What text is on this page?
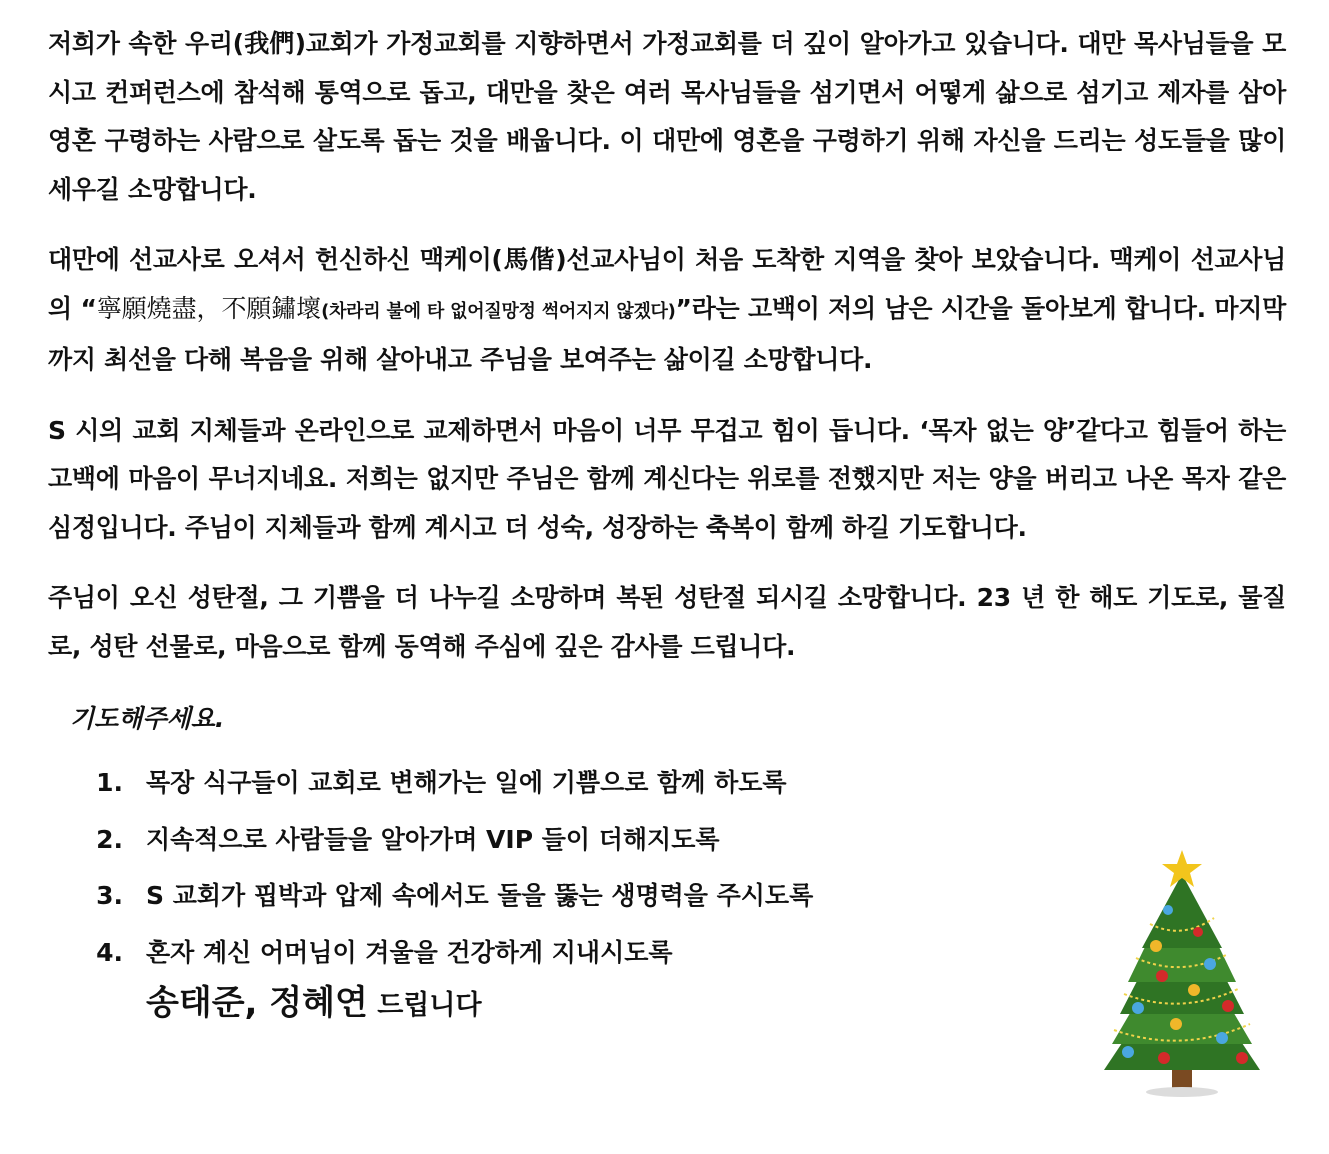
저희가 속한 우리(我們)교회가 가정교회를 지향하면서 가정교회를 더 깊이 알아가고 있습니다. 대만 목사님들을 모시고 컨퍼런스에 참석해 통역으로 돕고, 대만을 찾은 여러 목사님들을 섬기면서 어떻게 삶으로 섬기고 제자를 삼아 영혼 구령하는 사람으로 살도록 돕는 것을 배웁니다. 이 대만에 영혼을 구령하기 위해 자신을 드리는 성도들을 많이 세우길 소망합니다.

대만에 선교사로 오셔서 헌신하신 맥케이(馬偕)선교사님이 처음 도착한 지역을 찾아 보았습니다. 맥케이 선교사님의 “寧願燒盡，不願鏽壞(차라리 불에 타 없어질망정 썩어지지 않겠다)”라는 고백이 저의 남은 시간을 돌아보게 합니다. 마지막까지 최선을 다해 복음을 위해 살아내고 주님을 보여주는 삶이길 소망합니다.

S 시의 교회 지체들과 온라인으로 교제하면서 마음이 너무 무겁고 힘이 듭니다. ‘목자 없는 양’같다고 힘들어 하는 고백에 마음이 무너지네요. 저희는 없지만 주님은 함께 계신다는 위로를 전했지만 저는 양을 버리고 나온 목자 같은 심정입니다. 주님이 지체들과 함께 계시고 더 성숙, 성장하는 축복이 함께 하길 기도합니다.

주님이 오신 성탄절, 그 기쁨을 더 나누길 소망하며 복된 성탄절 되시길 소망합니다. 23 년 한 해도 기도로, 물질로, 성탄 선물로, 마음으로 함께 동역해 주심에 깊은 감사를 드립니다.

기도해주세요.
1. 목장 식구들이 교회로 변해가는 일에 기쁨으로 함께 하도록
2. 지속적으로 사람들을 알아가며 VIP 들이 더해지도록
3. S 교회가 핍박과 압제 속에서도 돌을 뚫는 생명력을 주시도록
4. 혼자 계신 어머님이 겨울을 건강하게 지내시도록
송태준, 정혜연 드립니다
